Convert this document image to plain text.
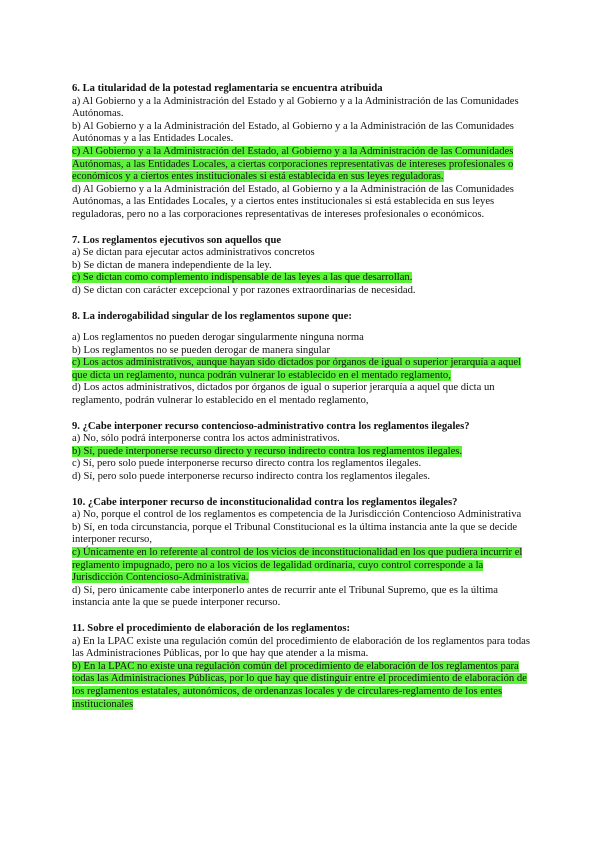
6. La titularidad de la potestad reglamentaria se encuentra atribuida

a) Al Gobierno y a la Administración del Estado y al Gobierno y a la Administración de las Comunidades Autónomas.

b) Al Gobierno y a la Administración del Estado, al Gobierno y a la Administración de las Comunidades Autónomas y a las Entidades Locales.

c) Al Gobierno y a la Administración del Estado, al Gobierno y a la Administración de las Comunidades Autónomas, a las Entidades Locales, a ciertas corporaciones representativas de intereses profesionales o económicos y a ciertos entes institucionales si está establecida en sus leyes reguladoras.

d) Al Gobierno y a la Administración del Estado, al Gobierno y a la Administración de las Comunidades Autónomas, a las Entidades Locales, y a ciertos entes institucionales si está establecida en sus leyes reguladoras, pero no a las corporaciones representativas de intereses profesionales o económicos.

7. Los reglamentos ejecutivos son aquellos que

a) Se dictan para ejecutar actos administrativos concretos

b) Se dictan de manera independiente de la ley.

c) Se dictan como complemento indispensable de las leyes a las que desarrollan.

d) Se dictan con carácter excepcional y por razones extraordinarias de necesidad.

8. La inderogabilidad singular de los reglamentos supone que:

a) Los reglamentos no pueden derogar singularmente ninguna norma

b) Los reglamentos no se pueden derogar de manera singular

c) Los actos administrativos, aunque hayan sido dictados por órganos de igual o superior jerarquía a aquel que dicta un reglamento, nunca podrán vulnerar lo establecido en el mentado reglamento,

d) Los actos administrativos, dictados por órganos de igual o superior jerarquía a aquel que dicta un reglamento, podrán vulnerar lo establecido en el mentado reglamento,

9. ¿Cabe interponer recurso contencioso-administrativo contra los reglamentos ilegales?

a) No, sólo podrá interponerse contra los actos administrativos.

b) Sí, puede interponerse recurso directo y recurso indirecto contra los reglamentos ilegales.

c) Sí, pero solo puede interponerse recurso directo contra los reglamentos ilegales.

d) Sí, pero solo puede interponerse recurso indirecto contra los reglamentos ilegales.

10. ¿Cabe interponer recurso de inconstitucionalidad contra los reglamentos ilegales?

a) No, porque el control de los reglamentos es competencia de la Jurisdicción Contencioso Administrativa

b) Sí, en toda circunstancia, porque el Tribunal Constitucional es la última instancia ante la que se decide interponer recurso,

c) Únicamente en lo referente al control de los vicios de inconstitucionalidad en los que pudiera incurrir el reglamento impugnado, pero no a los vicios de legalidad ordinaria, cuyo control corresponde a la Jurisdicción Contencioso-Administrativa.

d) Sí, pero únicamente cabe interponerlo antes de recurrir ante el Tribunal Supremo, que es la última instancia ante la que se puede interponer recurso.

11. Sobre el procedimiento de elaboración de los reglamentos:

a) En la LPAC existe una regulación común del procedimiento de elaboración de los reglamentos para todas las Administraciones Públicas, por lo que hay que atender a la misma.

b) En la LPAC no existe una regulación común del procedimiento de elaboración de los reglamentos para todas las Administraciones Públicas, por lo que hay que distinguir entre el procedimiento de elaboración de los reglamentos estatales, autonómicos, de ordenanzas locales y de circulares-reglamento de los entes institucionales
